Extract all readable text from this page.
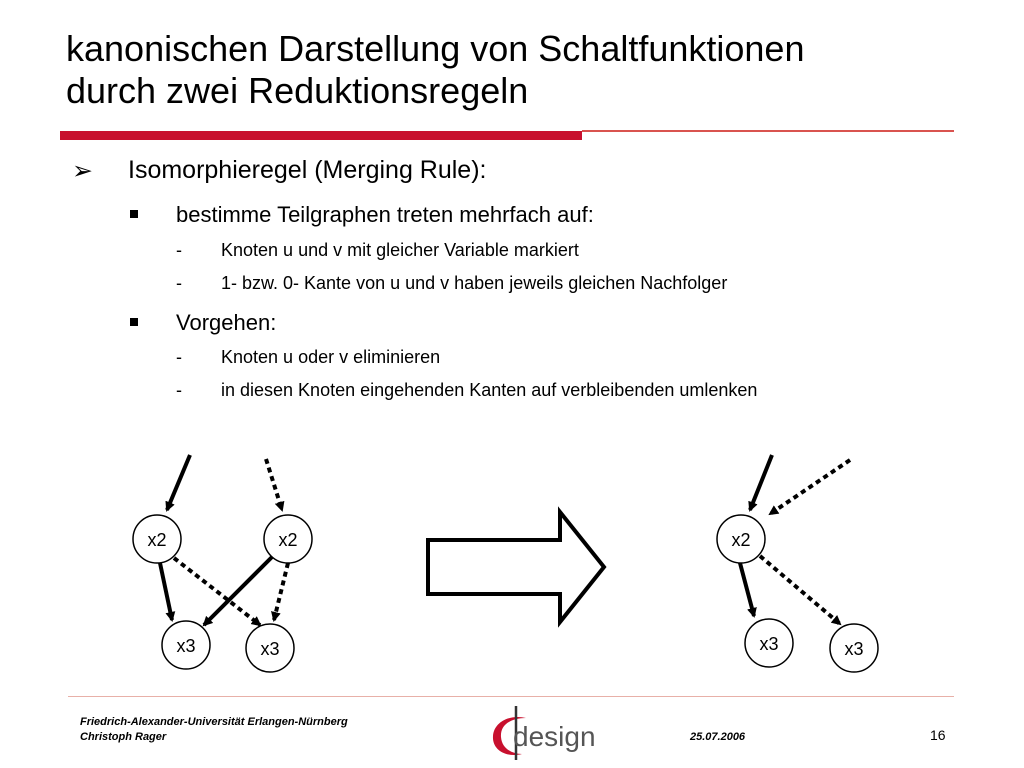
kanonischen Darstellung von Schaltfunktionen
durch zwei Reduktionsregeln
➢	Isomorphieregel (Merging Rule):
bestimme Teilgraphen treten mehrfach auf:
- Knoten u und v mit gleicher Variable markiert
- 1- bzw. 0- Kante von u und v haben jeweils gleichen Nachfolger
Vorgehen:
- Knoten u oder v eliminieren
- in diesen Knoten eingehenden Kanten auf verbleibenden umlenken
x2	x2
x3	x3
x2
x3	x3
Friedrich-Alexander-Universität Erlangen-Nürnberg
Christoph Rager	design	25.07.2006	16
